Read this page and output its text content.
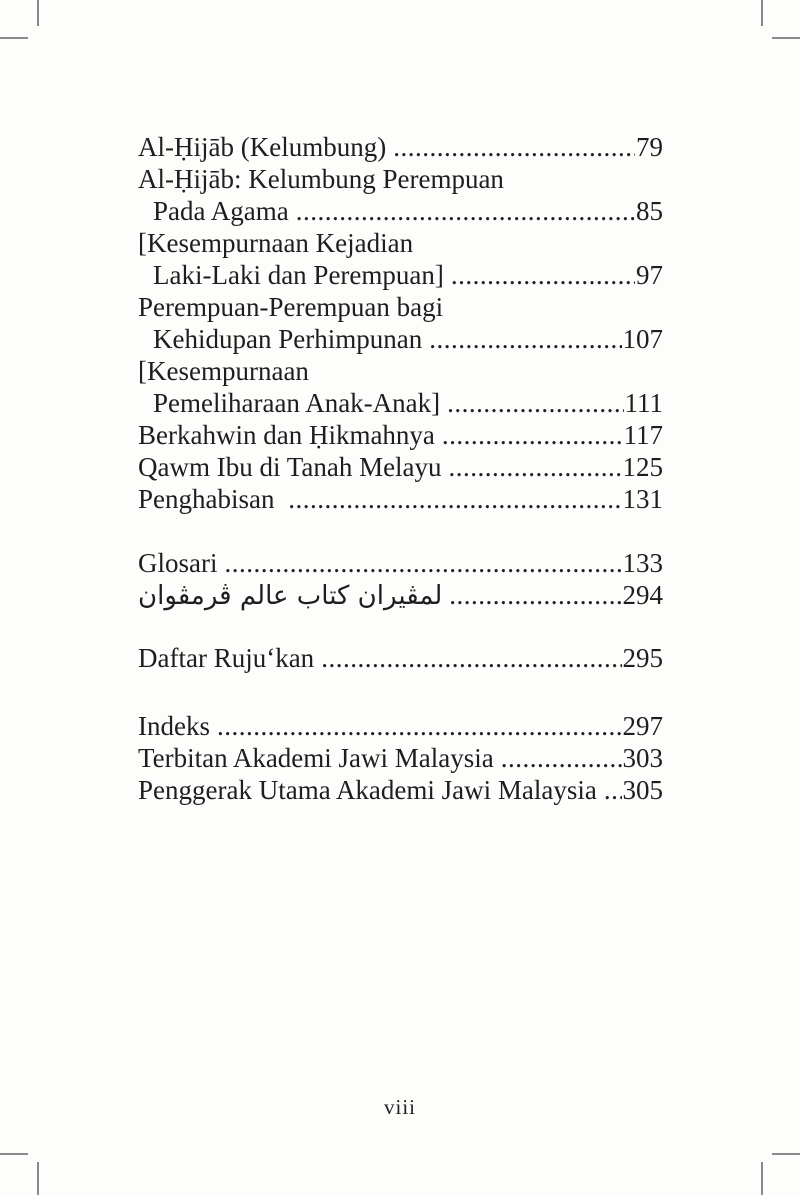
Al-Ḥijāb (Kelumbung) .....	79
Al-Ḥijāb: Kelumbung Perempuan
Pada Agama .....	85
[Kesempurnaan Kejadian
Laki-Laki dan Perempuan] .....	97
Perempuan-Perempuan bagi
Kehidupan Perhimpunan .....	107
[Kesempurnaan
Pemeliharaan Anak-Anak] .....	111
Berkahwin dan Ḥikmahnya .....	117
Qawm Ibu di Tanah Melayu .....	125
Penghabisan .....	131
Glosari .....	133
لمڤيران كتاب عالم ڤرمڤوان .....	294
Daftar Ruju‘kan .....	295
Indeks .....	297
Terbitan Akademi Jawi Malaysia .....	303
Penggerak Utama Akademi Jawi Malaysia ..... 305
viii
